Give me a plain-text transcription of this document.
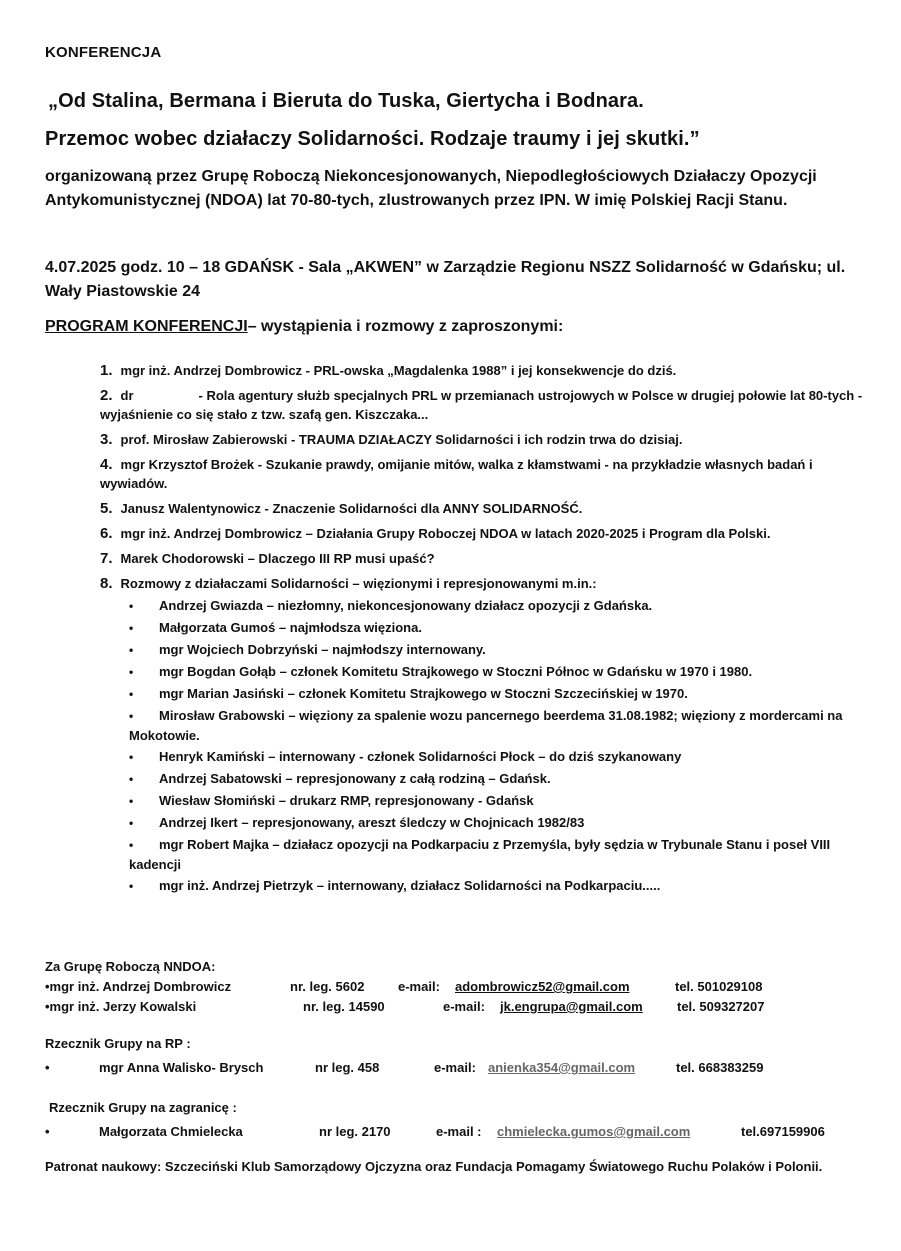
KONFERENCJA
„Od Stalina, Bermana i Bieruta do Tuska, Giertycha i Bodnara.
Przemoc wobec działaczy Solidarności. Rodzaje traumy i jej skutki.”
organizowaną przez Grupę Roboczą Niekoncesjonowanych, Niepodległościowych Działaczy Opozycji Antykomunistycznej (NDOA) lat 70-80-tych, zlustrowanych przez IPN. W imię Polskiej Racji Stanu.
4.07.2025 godz. 10 – 18 GDAŃSK - Sala „AKWEN” w Zarządzie Regionu NSZZ Solidarność w Gdańsku; ul. Wały Piastowskie 24
PROGRAM KONFERENCJI– wystąpienia i rozmowy z zaproszonymi:
1. mgr inż. Andrzej Dombrowicz - PRL-owska „Magdalenka 1988” i jej konsekwencje do dziś.
2. dr                  - Rola agentury służb specjalnych PRL w przemianach ustrojowych w Polsce w drugiej połowie lat 80-tych - wyjaśnienie co się stało z tzw. szafą gen. Kiszczaka...
3. prof. Mirosław Zabierowski - TRAUMA DZIAŁACZY Solidarności i ich rodzin trwa do dzisiaj.
4. mgr Krzysztof Brożek - Szukanie prawdy, omijanie mitów, walka z kłamstwami - na przykładzie własnych badań i wywiadów.
5. Janusz Walentynowicz - Znaczenie Solidarności dla ANNY SOLIDARNOŚĆ.
6. mgr inż. Andrzej Dombrowicz – Działania Grupy Roboczej NDOA w latach 2020-2025 i Program dla Polski.
7. Marek Chodorowski – Dlaczego III RP musi upaść?
8. Rozmowy z działaczami Solidarności – więzionymi i represjonowanymi m.in.:
• Andrzej Gwiazda – niezłomny, niekoncesjonowany działacz opozycji z Gdańska.
• Małgorzata Gumoś – najmłodsza więziona.
• mgr Wojciech Dobrzyński – najmłodszy internowany.
• mgr Bogdan Gołąb – członek Komitetu Strajkowego w Stoczni Północ w Gdańsku w 1970 i 1980.
• mgr Marian Jasiński – członek Komitetu Strajkowego w Stoczni Szczecińskiej w 1970.
• Mirosław Grabowski – więziony za spalenie wozu pancernego beerdema 31.08.1982; więziony z mordercami na Mokotowie.
• Henryk Kamiński – internowany - członek Solidarności Płock – do dziś szykanowany
• Andrzej Sabatowski – represjonowany z całą rodziną – Gdańsk.
• Wiesław Słomiński – drukarz RMP, represjonowany - Gdańsk
• Andrzej Ikert – represjonowany, areszt śledczy w Chojnicach 1982/83
• mgr Robert Majka – działacz opozycji na Podkarpaciu z Przemyśla, były sędzia w Trybunale Stanu i poseł VIII kadencji
• mgr inż. Andrzej Pietrzyk – internowany, działacz Solidarności na Podkarpaciu.....
Za Grupę Roboczą NNDOA:
•mgr inż. Andrzej Dombrowicz	nr. leg. 5602	e-mail: adombrowicz52@gmail.com	tel. 501029108
•mgr inż. Jerzy Kowalski	nr. leg. 14590	e-mail: jk.engrupa@gmail.com	tel. 509327207
Rzecznik Grupy na RP :
•	mgr Anna Walisko- Brysch	nr leg. 458	e-mail: anienka354@gmail.com	tel. 668383259
Rzecznik Grupy na zagranicę :
•	Małgorzata Chmielecka	nr leg. 2170	e-mail : chmielecka.gumos@gmail.com	tel.697159906
Patronat naukowy: Szczeciński Klub Samorządowy Ojczyzna oraz Fundacja Pomagamy Światowego Ruchu Polaków i Polonii.
